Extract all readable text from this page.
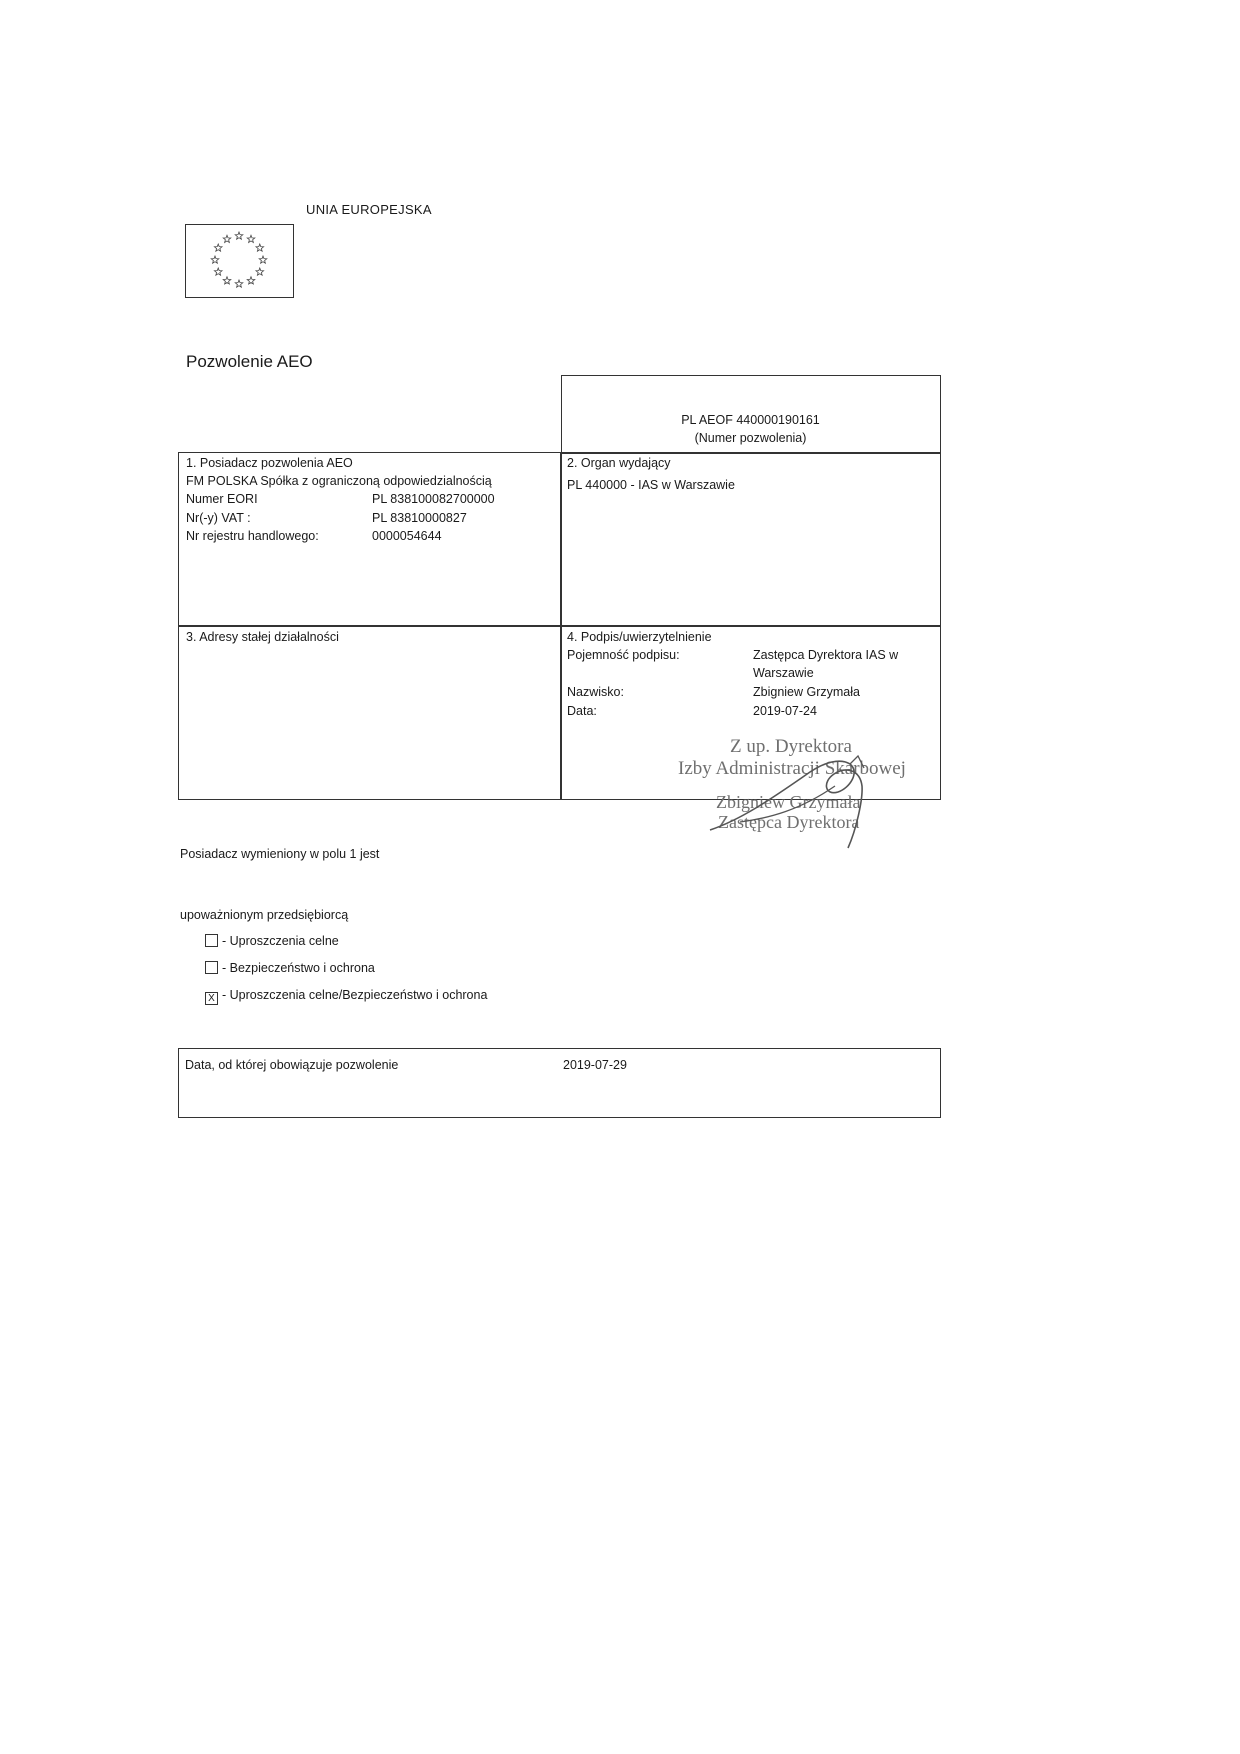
UNIA EUROPEJSKA
Pozwolenie AEO
PL AEOF 440000190161
(Numer pozwolenia)
1. Posiadacz pozwolenia AEO
FM POLSKA Spółka z ograniczoną odpowiedzialnością
Numer EORI	PL 838100082700000
Nr(-y) VAT :	PL 83810000827
Nr rejestru handlowego:	0000054644
2. Organ wydający
PL 440000 - IAS w Warszawie
3. Adresy stałej działalności	4. Podpis/uwierzytelnienie
Pojemność podpisu:	Zastępca Dyrektora IAS w
Warszawie
Nazwisko:	Zbigniew Grzymała
Data:	2019-07-24
Z up. Dyrektora
Izby Administracji Skarbowej
Zbigniew Grzymała
Zastępca Dyrektora
Posiadacz wymieniony w polu 1 jest
upoważnionym przedsiębiorcą
- Uproszczenia celne
- Bezpieczeństwo i ochrona
X - Uproszczenia celne/Bezpieczeństwo i ochrona
Data, od której obowiązuje pozwolenie	2019-07-29
